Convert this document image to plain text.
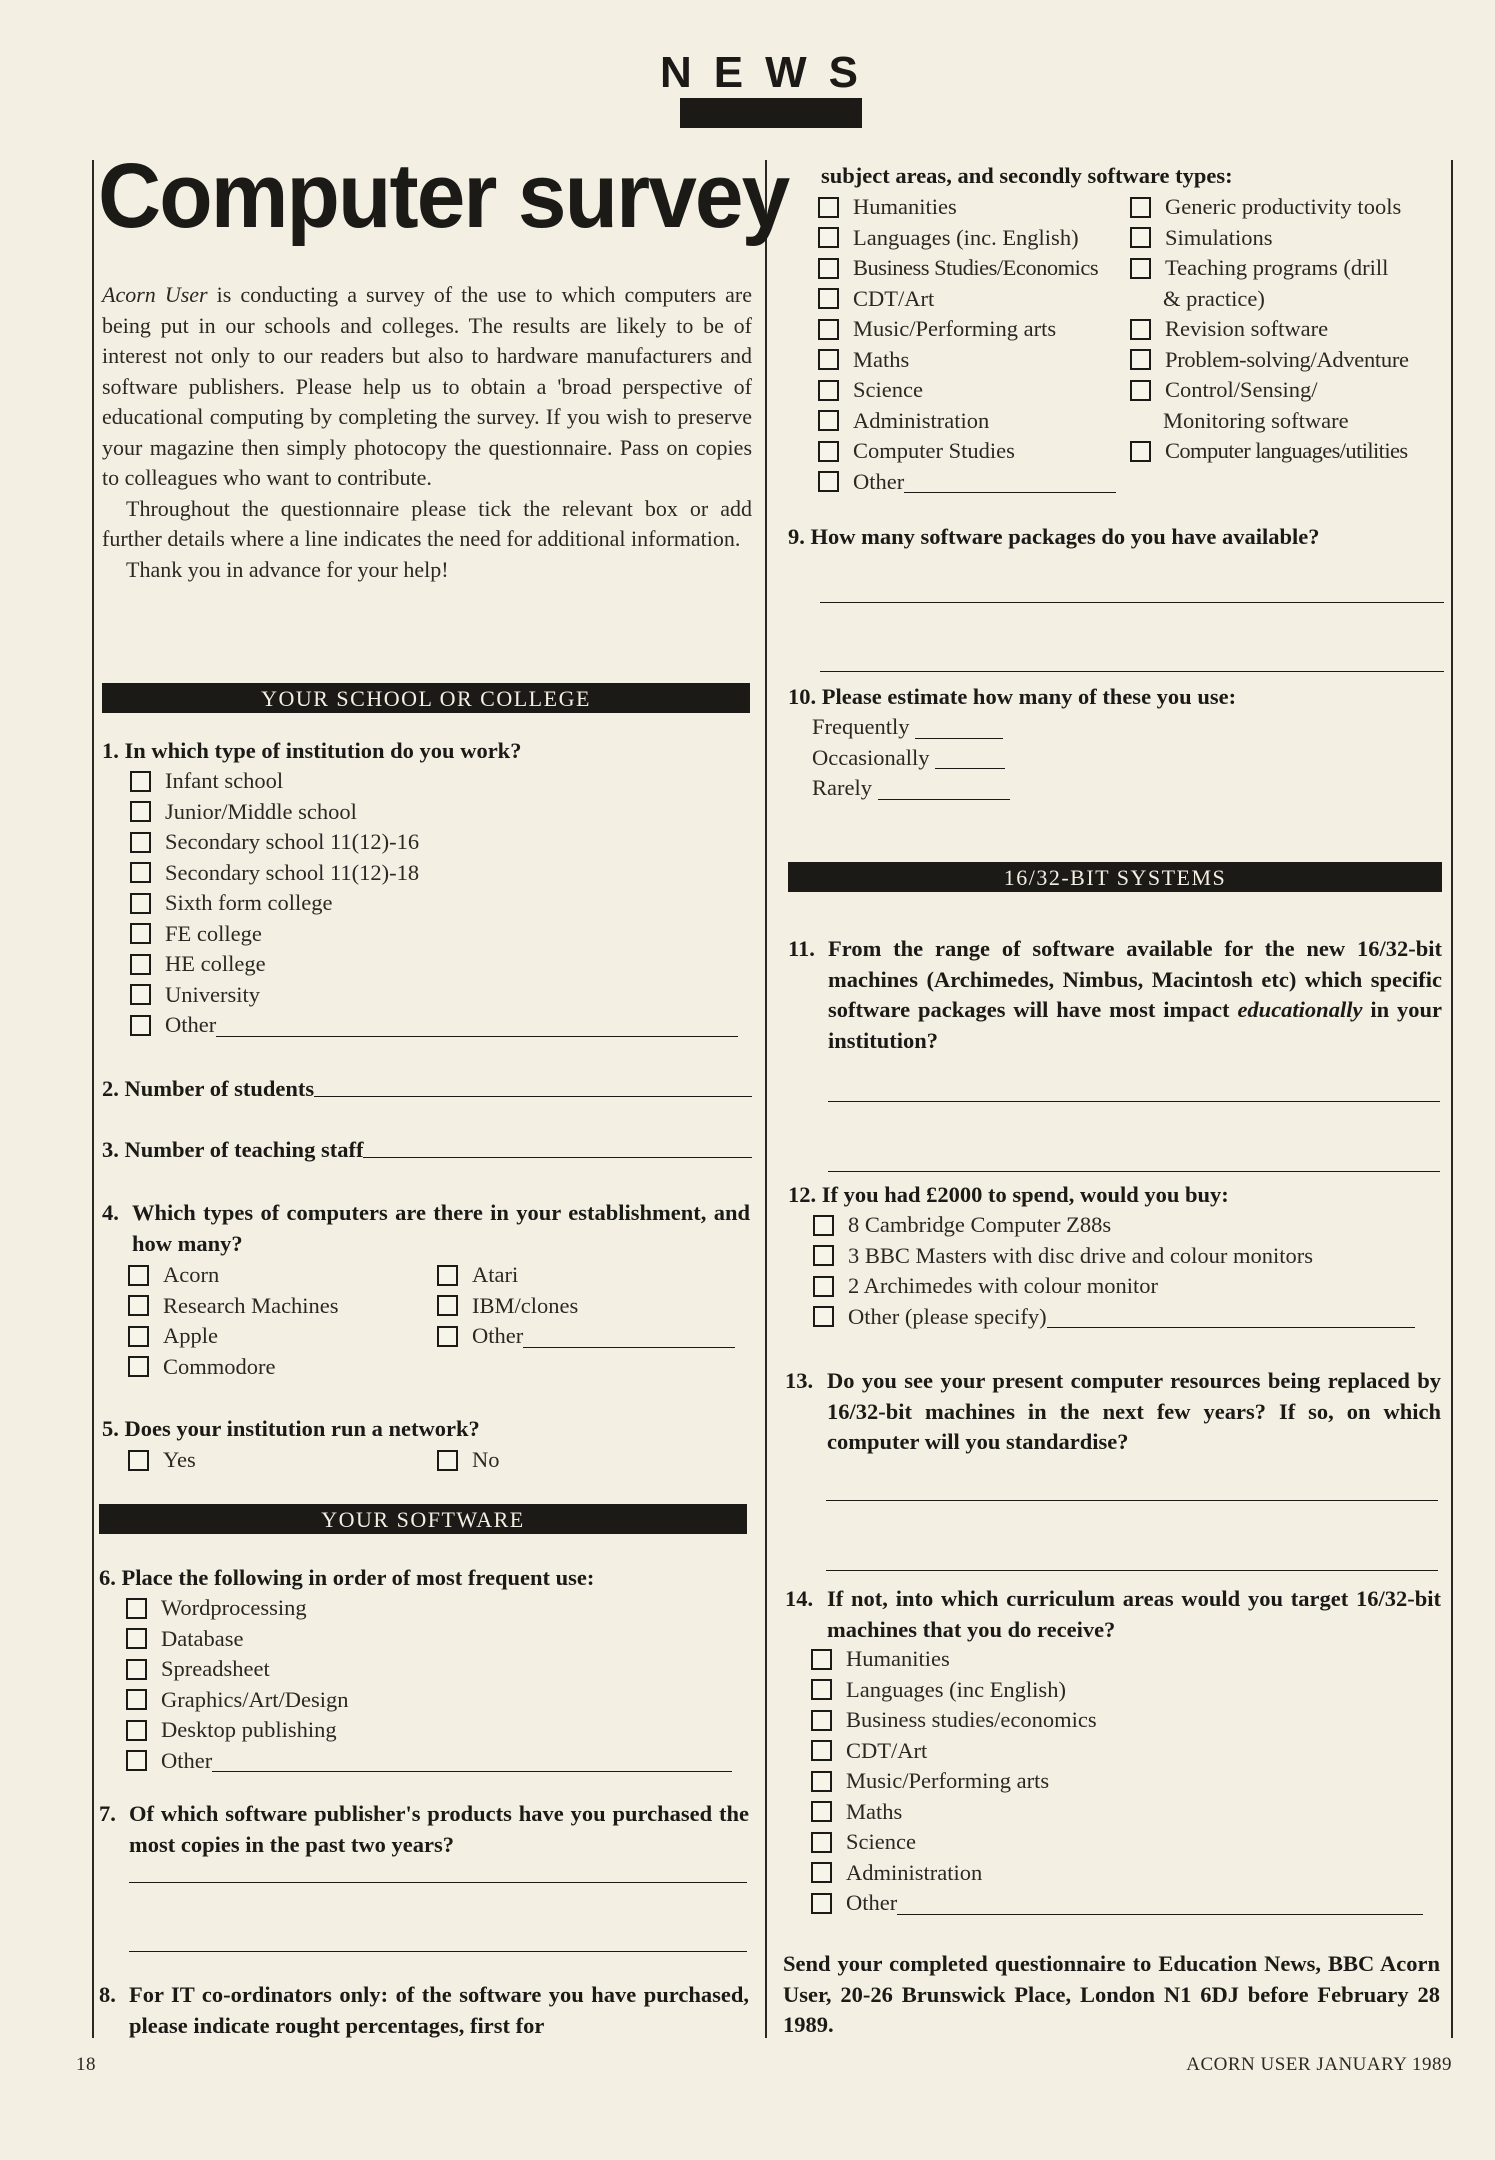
NEWS
Computer survey

Acorn User is conducting a survey of the use to which computers are being put in our schools and colleges. The results are likely to be of interest not only to our readers but also to hardware manufacturers and software publishers. Please help us to obtain a 'broad perspective of educational computing by completing the survey. If you wish to preserve your magazine then simply photocopy the questionnaire. Pass on copies to colleagues who want to contribute.

Throughout the questionnaire please tick the relevant box or add further details where a line indicates the need for additional information.

Thank you in advance for your help!

YOUR SCHOOL OR COLLEGE
1. In which type of institution do you work?
Infant school
Junior/Middle school
Secondary school 11(12)-16
Secondary school 11(12)-18
Sixth form college
FE college
HE college
University
Other
2.
Number of students
3.
Number of teaching staff
4. Which types of computers are there in your establishment, and how many?
Acorn
Research Machines
Apple
Commodore
Atari
IBM/clones
Other
5. Does your institution run a network?
Yes	No
YOUR SOFTWARE
6. Place the following in order of most frequent use:
Wordprocessing
Database
Spreadsheet
Graphics/Art/Design
Desktop publishing
Other
7. Of which software publisher's products have you purchased the most copies in the past two years?
8. For IT co-ordinators only: of the software you have purchased, please indicate rought percentages, first for
subject areas, and secondly software types:
Humanities
Languages (inc. English)
Business Studies/Economics
CDT/Art
Music/Performing arts
Maths
Science
Administration
Computer Studies
Other
Generic productivity tools
Simulations
Teaching programs (drill
& practice)
Revision software
Problem-solving/Adventure
Control/Sensing/
Monitoring software
Computer languages/utilities
9. How many software packages do you have available?
10. Please estimate how many of these you use:
Frequently

Occasionally

Rarely

16/32-BIT SYSTEMS
11. From the range of software available for the new 16/32-bit machines (Archimedes, Nimbus, Macintosh etc) which specific software packages will have most impact educationally in your institution?
12. If you had £2000 to spend, would you buy:
8 Cambridge Computer Z88s
3 BBC Masters with disc drive and colour monitors
2 Archimedes with colour monitor
Other (please specify)
13. Do you see your present computer resources being replaced by 16/32-bit machines in the next few years? If so, on which computer will you standardise?
14. If not, into which curriculum areas would you target 16/32-bit machines that you do receive?
Humanities
Languages (inc English)
Business studies/economics
CDT/Art
Music/Performing arts
Maths
Science
Administration
Other
Send your completed questionnaire to Education News, BBC Acorn User, 20-26 Brunswick Place, London N1 6DJ before February 28 1989.
18	ACORN USER JANUARY 1989
